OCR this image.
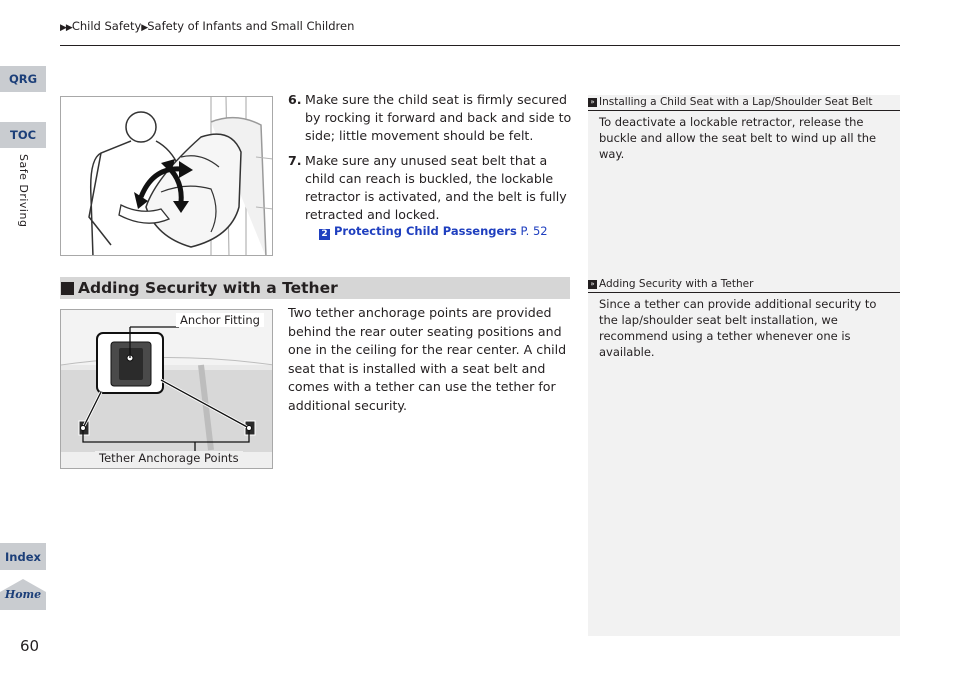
▶▶Child Safety▶Safety of Infants and Small Children
QRG
TOC
Safe Driving
Index
Home
60
6. Make sure the child seat is firmly secured by rocking it forward and back and side to side; little movement should be felt.
7. Make sure any unused seat belt that a child can reach is buckled, the lockable retractor is activated, and the belt is fully retracted and locked.
2 Protecting Child Passengers P. 52
Adding Security with a Tether
Anchor Fitting
Tether Anchorage Points
Two tether anchorage points are provided behind the rear outer seating positions and one in the ceiling for the rear center. A child seat that is installed with a seat belt and comes with a tether can use the tether for additional security.
» Installing a Child Seat with a Lap/Shoulder Seat Belt
To deactivate a lockable retractor, release the buckle and allow the seat belt to wind up all the way.
» Adding Security with a Tether
Since a tether can provide additional security to the lap/shoulder seat belt installation, we recommend using a tether whenever one is available.
